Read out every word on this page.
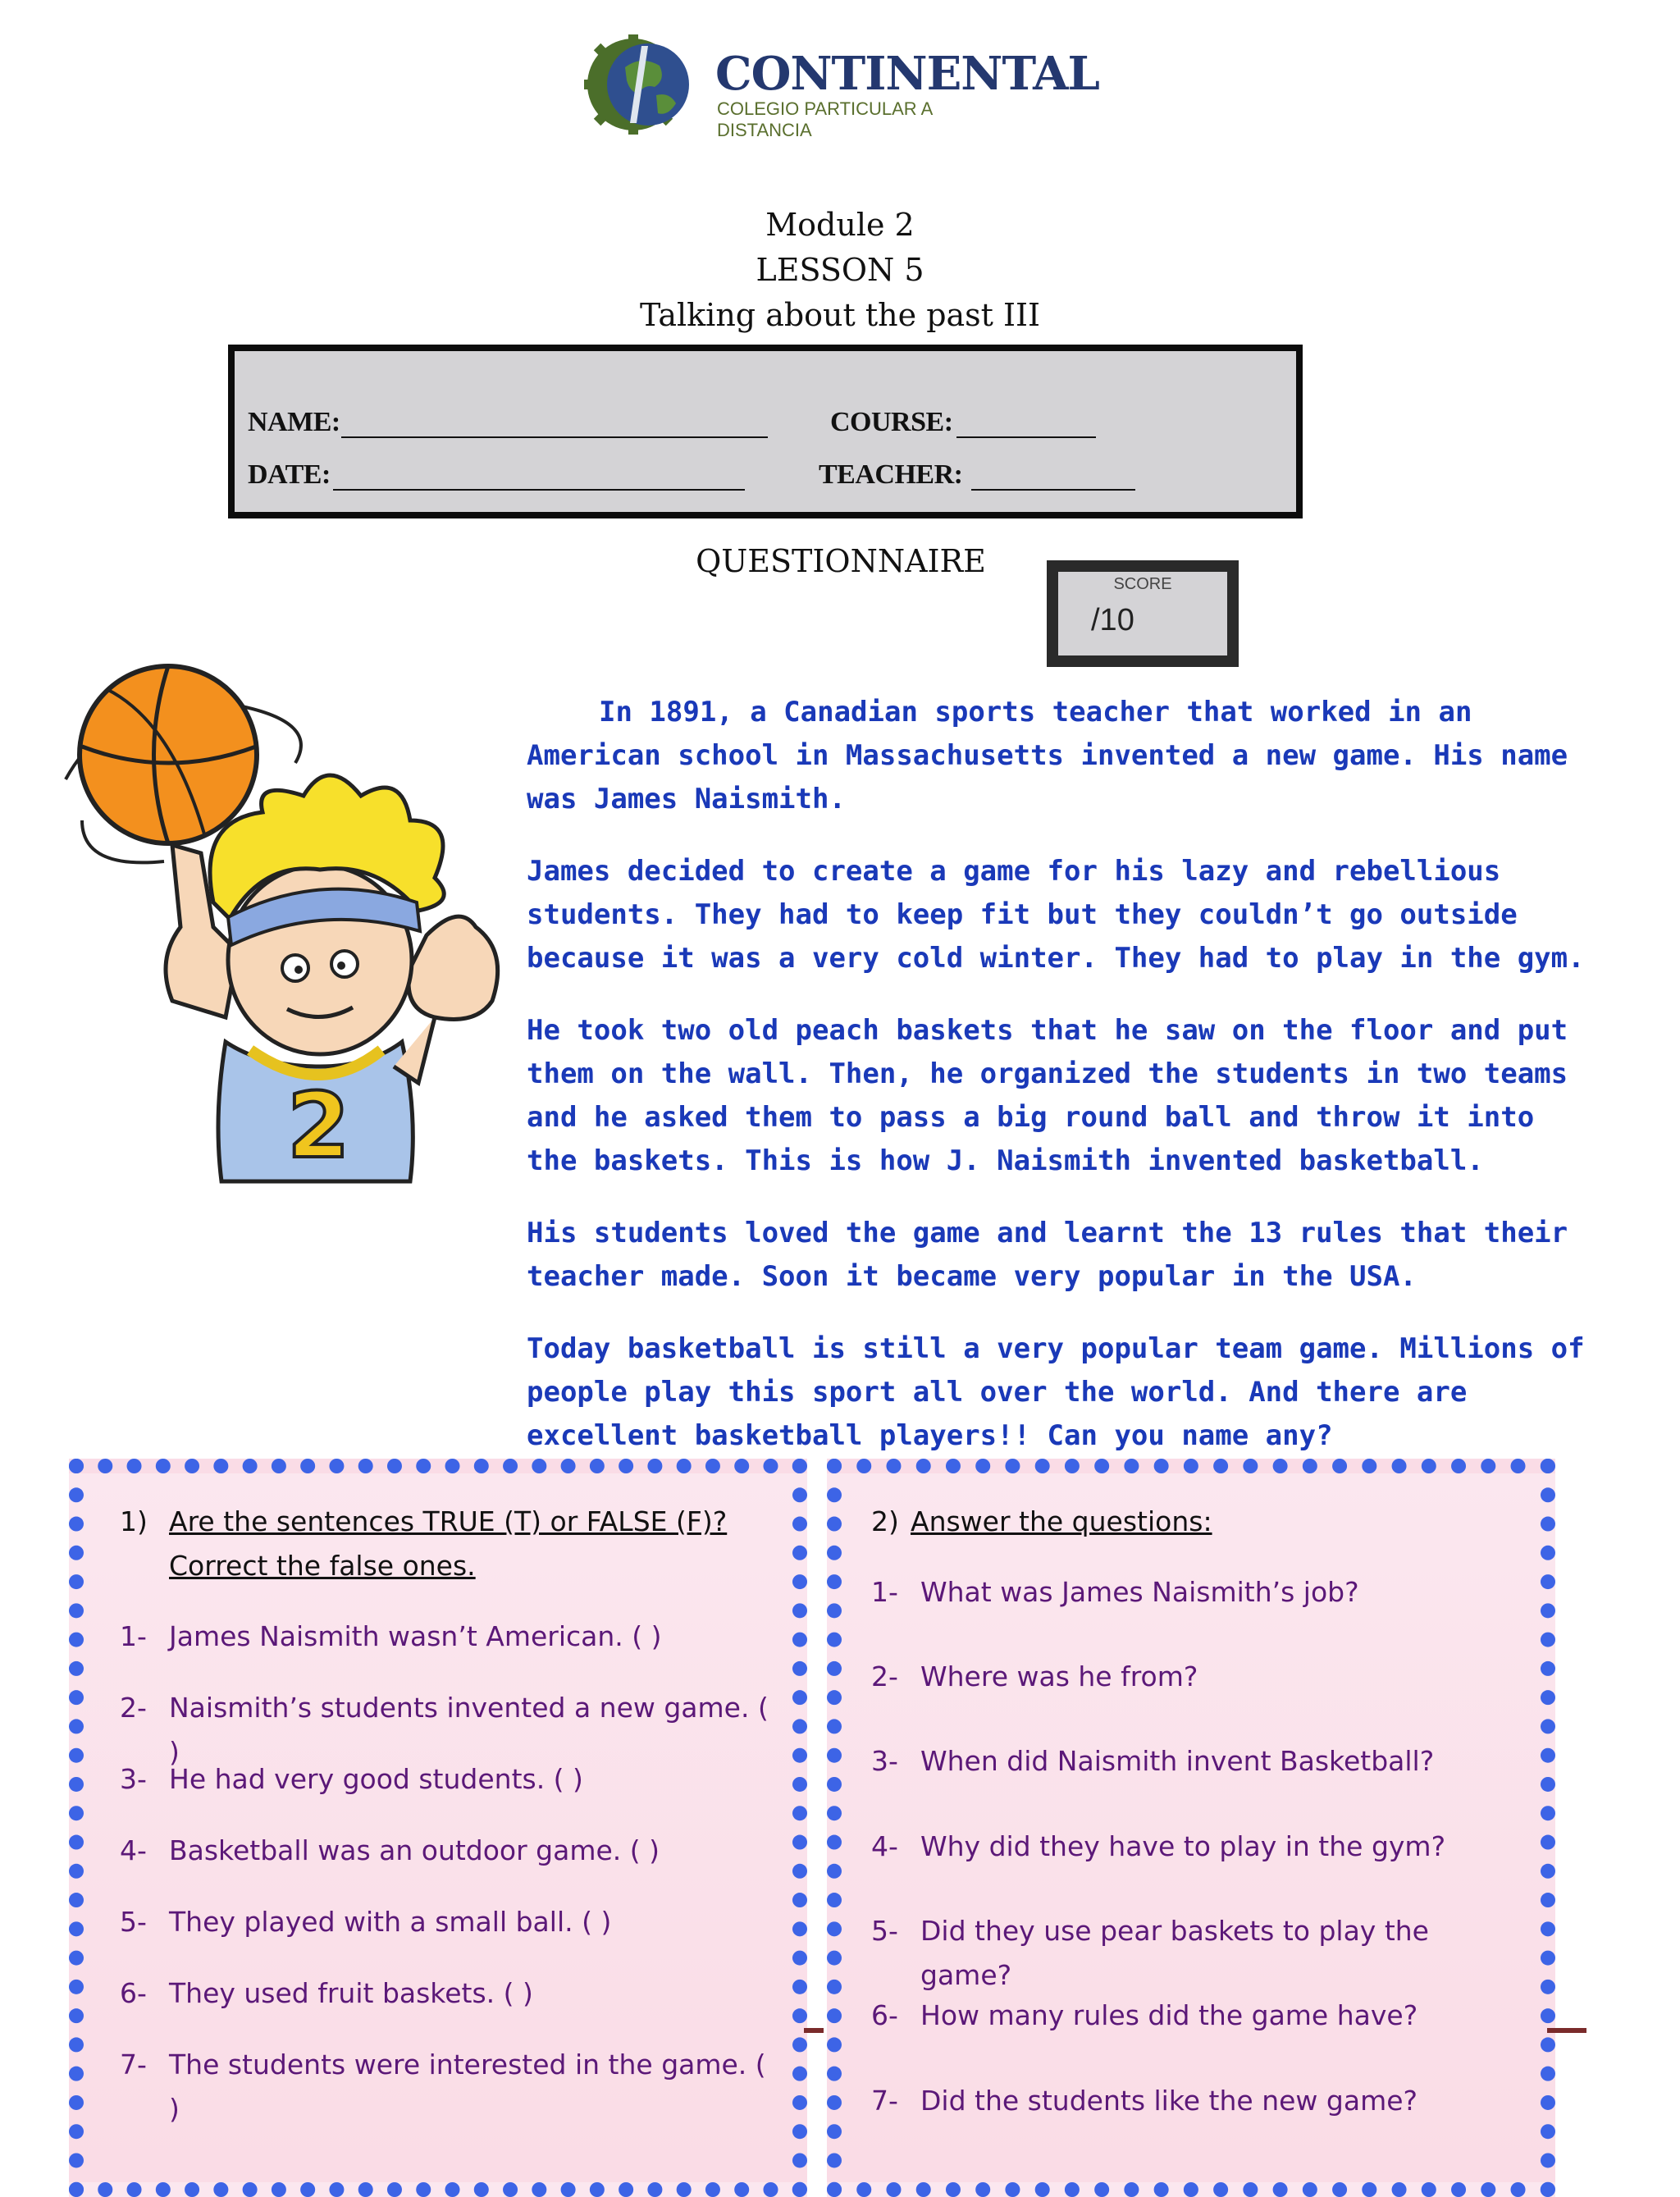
CONTINENTAL
COLEGIO PARTICULAR A DISTANCIA
Module 2
LESSON 5
Talking about the past III
NAME:	COURSE:
DATE:	TEACHER:
QUESTIONNAIRE
SCORE
/10
2

In 1891, a Canadian sports teacher that worked in an American school in Massachusetts invented a new game. His name was James Naismith.

James decided to create a game for his lazy and rebellious students. They had to keep fit but they couldn’t go outside because it was a very cold winter. They had to play in the gym.

He took two old peach baskets that he saw on the floor and put them on the wall. Then, he organized the students in two teams and he asked them to pass a big round ball and throw it into the baskets. This is how J. Naismith invented basketball.

His students loved the game and learnt the 13 rules that their teacher made. Soon it became very popular in the USA.

Today basketball is still a very popular team game. Millions of people play this sport all over the world. And there are excellent basketball players!! Can you name any?

1) Are the sentences TRUE (T) or FALSE (F)?
Correct the false ones.
1- James Naismith wasn’t American. ( )
2- Naismith’s students invented a new game. ( )
3- He had very good students. ( )
4- Basketball was an outdoor game. ( )
5- They played with a small ball. ( )
6- They used fruit baskets. ( )
7- The students were interested in the game. (
)
2) Answer the questions:
1- What was James Naismith’s job?
2- Where was he from?
3- When did Naismith invent Basketball?
4- Why did they have to play in the gym?
5- Did they use pear baskets to play the game?
6- How many rules did the game have?
7- Did the students like the new game?
